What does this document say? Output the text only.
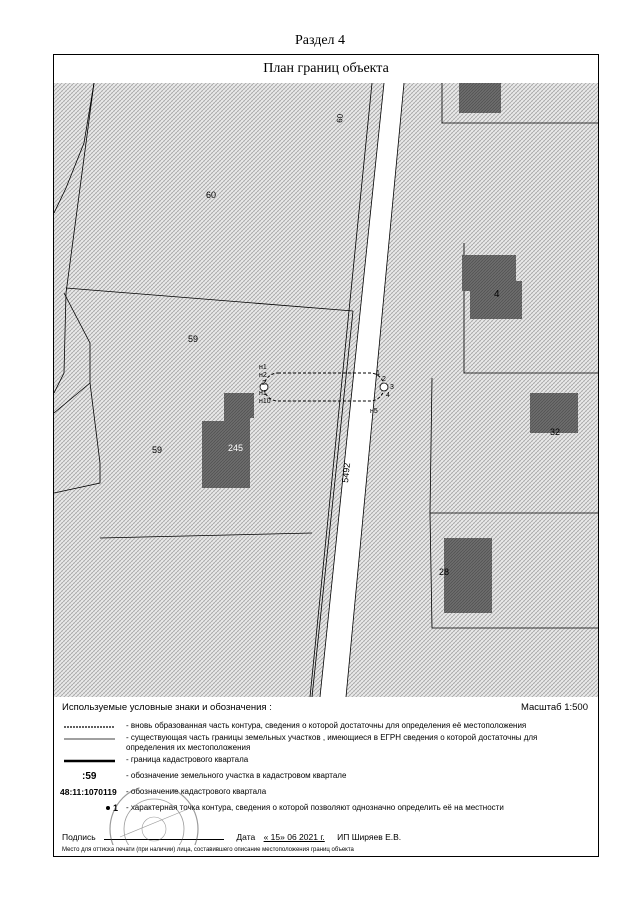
Раздел 4
План границ объекта
60
60
59
59
4
28
32
5492
245
н1
н2
2
н1
н10
1
2
3
4
н5
Используемые условные знаки и обозначения :	Масштаб 1:500
- вновь образованная часть контура, сведения о которой достаточны для определения её местоположения
- существующая часть границы земельных участков , имеющиеся в ЕГРН сведения о которой достаточны для определения их местоположения
- граница кадастрового квартала
:59	- обозначение земельного участка в кадастровом квартале
48:11:1070119	- обозначение кадастрового квартала
1 - характерная точка контура, сведения о которой позволяют однозначно определить её на местности
Подпись	Дата « 15» 06 2021 г. ИП Ширяев Е.В.
Место для оттиска печати (при наличии) лица, составившего описание местоположения границ объекта
